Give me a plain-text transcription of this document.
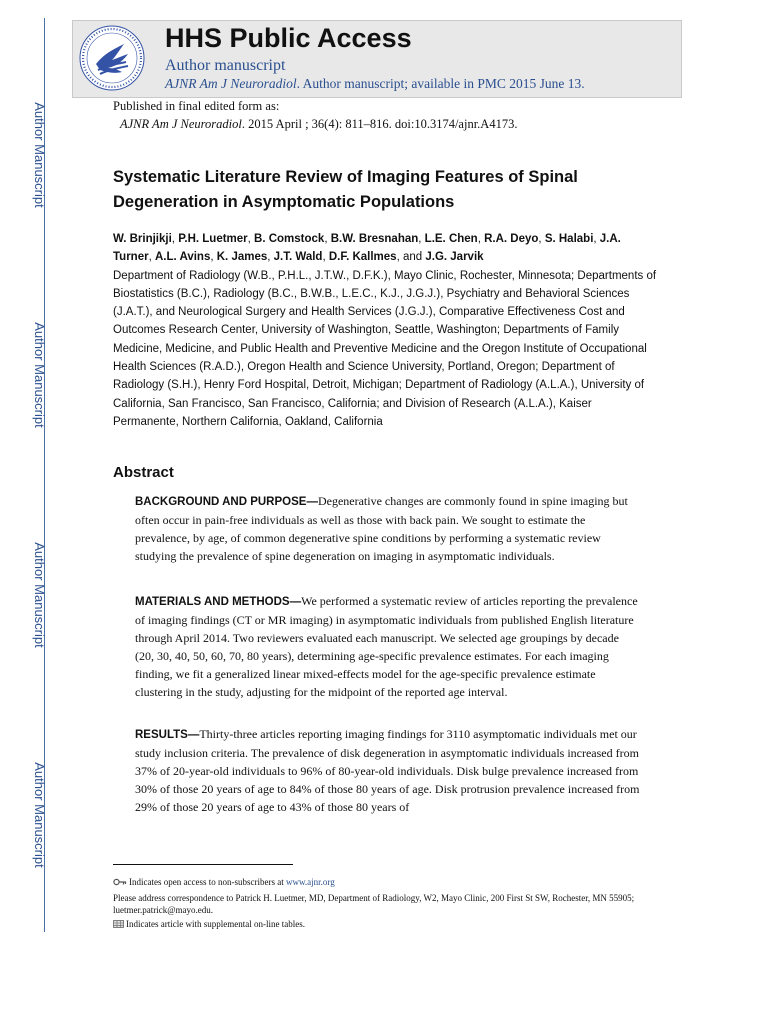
Author Manuscript
Author Manuscript
Author Manuscript
Author Manuscript
HHS Public Access
Author manuscript
AJNR Am J Neuroradiol. Author manuscript; available in PMC 2015 June 13.
Published in final edited form as:
AJNR Am J Neuroradiol. 2015 April ; 36(4): 811–816. doi:10.3174/ajnr.A4173.
Systematic Literature Review of Imaging Features of Spinal Degeneration in Asymptomatic Populations
W. Brinjikji, P.H. Luetmer, B. Comstock, B.W. Bresnahan, L.E. Chen, R.A. Deyo, S. Halabi, J.A. Turner, A.L. Avins, K. James, J.T. Wald, D.F. Kallmes, and J.G. Jarvik
Department of Radiology (W.B., P.H.L., J.T.W., D.F.K.), Mayo Clinic, Rochester, Minnesota; Departments of Biostatistics (B.C.), Radiology (B.C., B.W.B., L.E.C., K.J., J.G.J.), Psychiatry and Behavioral Sciences (J.A.T.), and Neurological Surgery and Health Services (J.G.J.), Comparative Effectiveness Cost and Outcomes Research Center, University of Washington, Seattle, Washington; Departments of Family Medicine, Medicine, and Public Health and Preventive Medicine and the Oregon Institute of Occupational Health Sciences (R.A.D.), Oregon Health and Science University, Portland, Oregon; Department of Radiology (S.H.), Henry Ford Hospital, Detroit, Michigan; Department of Radiology (A.L.A.), University of California, San Francisco, San Francisco, California; and Division of Research (A.L.A.), Kaiser Permanente, Northern California, Oakland, California
Abstract

BACKGROUND AND PURPOSE—Degenerative changes are commonly found in spine imaging but often occur in pain-free individuals as well as those with back pain. We sought to estimate the prevalence, by age, of common degenerative spine conditions by performing a systematic review studying the prevalence of spine degeneration on imaging in asymptomatic individuals.

MATERIALS AND METHODS—We performed a systematic review of articles reporting the prevalence of imaging findings (CT or MR imaging) in asymptomatic individuals from published English literature through April 2014. Two reviewers evaluated each manuscript. We selected age groupings by decade (20, 30, 40, 50, 60, 70, 80 years), determining age-specific prevalence estimates. For each imaging finding, we fit a generalized linear mixed-effects model for the age-specific prevalence estimate clustering in the study, adjusting for the midpoint of the reported age interval.

RESULTS—Thirty-three articles reporting imaging findings for 3110 asymptomatic individuals met our study inclusion criteria. The prevalence of disk degeneration in asymptomatic individuals increased from 37% of 20-year-old individuals to 96% of 80-year-old individuals. Disk bulge prevalence increased from 30% of those 20 years of age to 84% of those 80 years of age. Disk protrusion prevalence increased from 29% of those 20 years of age to 43% of those 80 years of

Indicates open access to non-subscribers at www.ajnr.org
Please address correspondence to Patrick H. Luetmer, MD, Department of Radiology, W2, Mayo Clinic, 200 First St SW, Rochester, MN 55905; luetmer.patrick@mayo.edu.
Indicates article with supplemental on-line tables.
